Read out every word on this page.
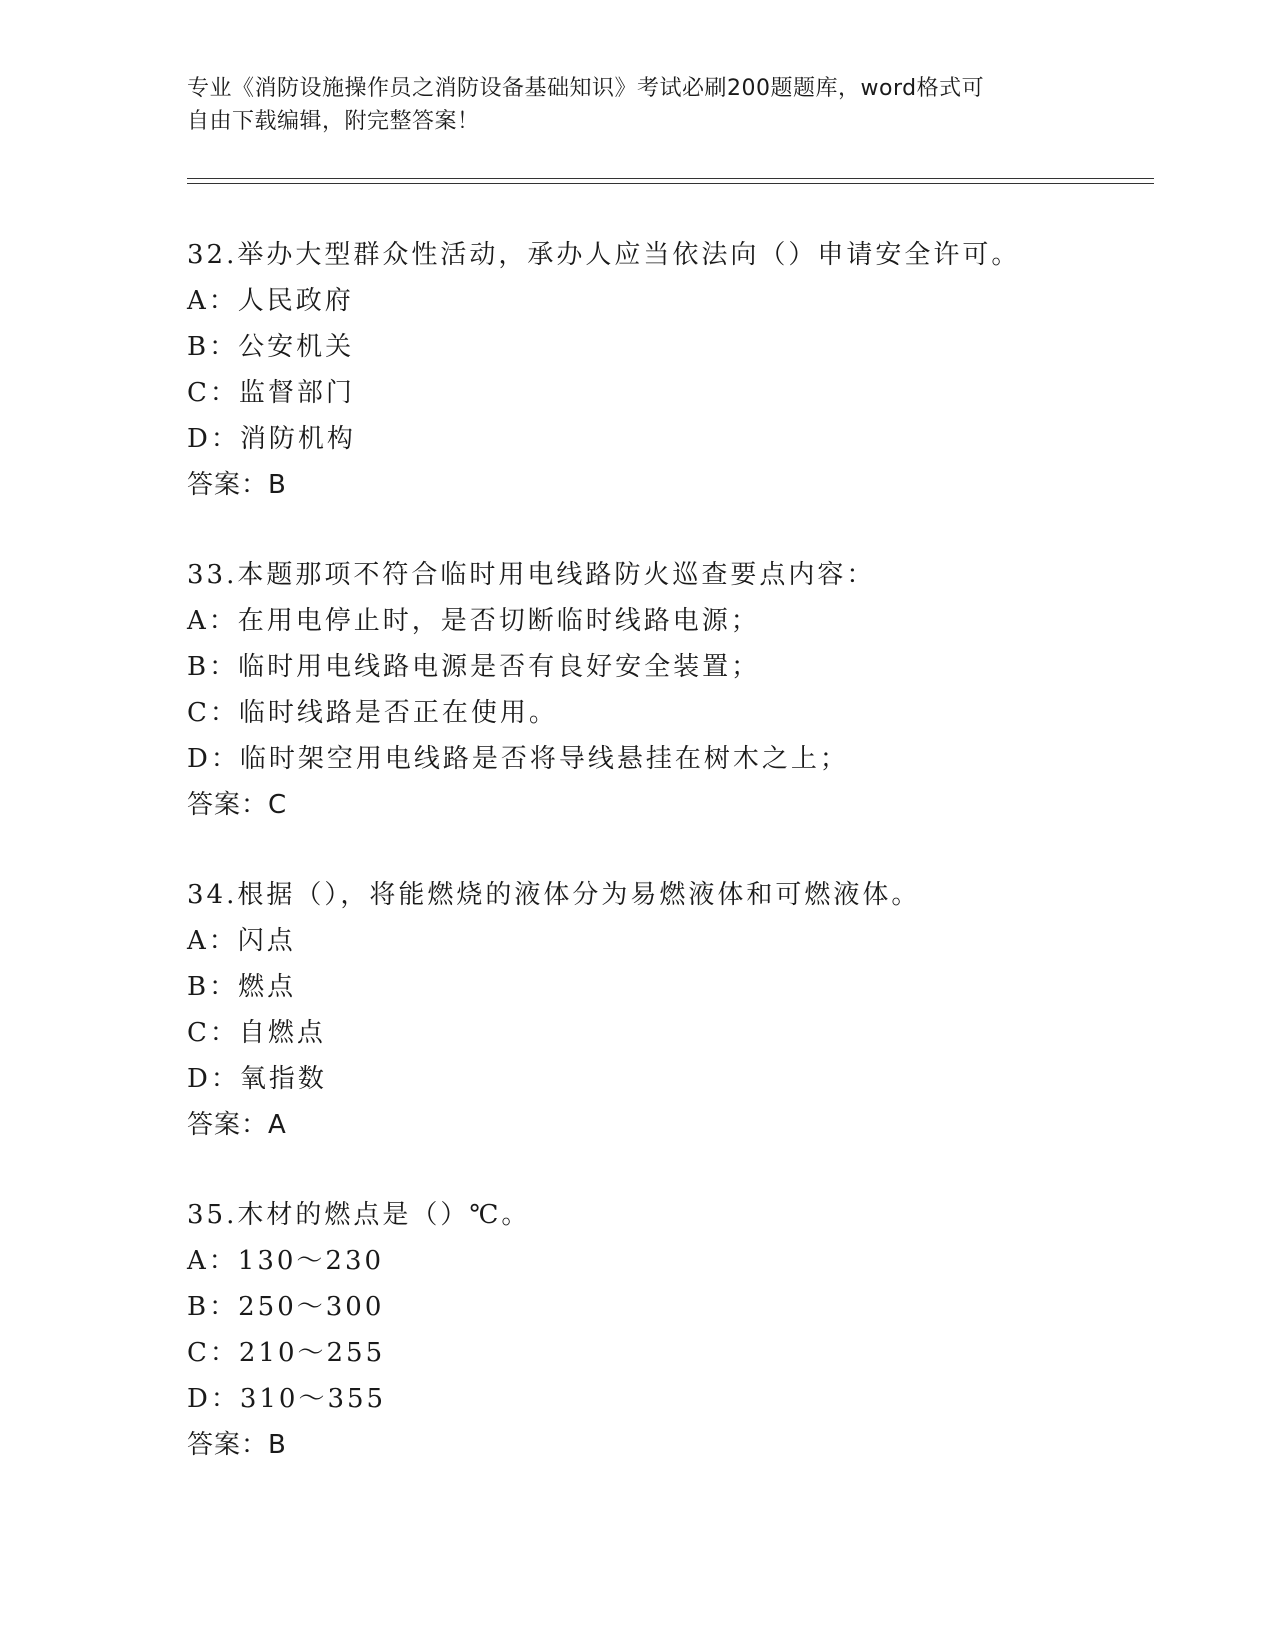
专业《消防设施操作员之消防设备基础知识》考试必刷200题题库，word格式可
自由下载编辑，附完整答案！
32.举办大型群众性活动，承办人应当依法向（）申请安全许可。
A：人民政府
B：公安机关
C：监督部门
D：消防机构
答案：B
33.本题那项不符合临时用电线路防火巡查要点内容：
A：在用电停止时，是否切断临时线路电源；
B：临时用电线路电源是否有良好安全装置；
C：临时线路是否正在使用。
D：临时架空用电线路是否将导线悬挂在树木之上；
答案：C
34.根据（），将能燃烧的液体分为易燃液体和可燃液体。
A：闪点
B：燃点
C：自燃点
D：氧指数
答案：A
35.木材的燃点是（）℃。
A：130～230
B：250～300
C：210～255
D：310～355
答案：B
